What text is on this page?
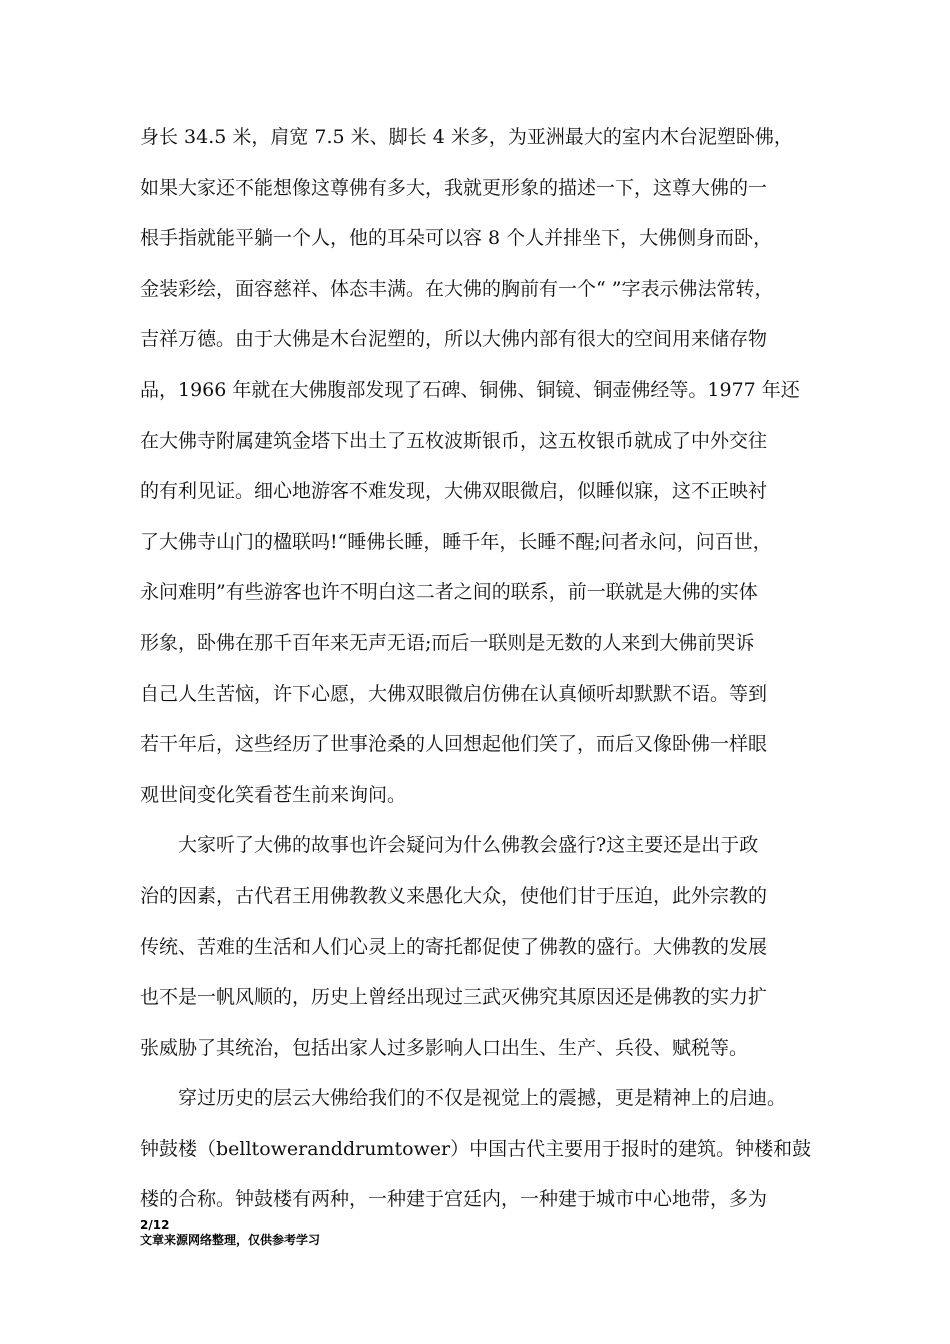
身长 34.5 米，肩宽 7.5 米、脚长 4 米多，为亚洲最大的室内木台泥塑卧佛，
如果大家还不能想像这尊佛有多大，我就更形象的描述一下，这尊大佛的一
根手指就能平躺一个人，他的耳朵可以容 8 个人并排坐下，大佛侧身而卧，
金装彩绘，面容慈祥、体态丰满。在大佛的胸前有一个“ ”字表示佛法常转，
吉祥万德。由于大佛是木台泥塑的，所以大佛内部有很大的空间用来储存物
品，1966 年就在大佛腹部发现了石碑、铜佛、铜镜、铜壶佛经等。1977 年还
在大佛寺附属建筑金塔下出土了五枚波斯银币，这五枚银币就成了中外交往
的有利见证。细心地游客不难发现，大佛双眼微启，似睡似寐，这不正映衬
了大佛寺山门的楹联吗!“睡佛长睡，睡千年，长睡不醒;问者永问，问百世，
永问难明”有些游客也许不明白这二者之间的联系，前一联就是大佛的实体
形象，卧佛在那千百年来无声无语;而后一联则是无数的人来到大佛前哭诉
自己人生苦恼，许下心愿，大佛双眼微启仿佛在认真倾听却默默不语。等到
若干年后，这些经历了世事沧桑的人回想起他们笑了，而后又像卧佛一样眼
观世间变化笑看苍生前来询问。
　　大家听了大佛的故事也许会疑问为什么佛教会盛行?这主要还是出于政
治的因素，古代君王用佛教教义来愚化大众，使他们甘于压迫，此外宗教的
传统、苦难的生活和人们心灵上的寄托都促使了佛教的盛行。大佛教的发展
也不是一帆风顺的，历史上曾经出现过三武灭佛究其原因还是佛教的实力扩
张威胁了其统治，包括出家人过多影响人口出生、生产、兵役、赋税等。
　　穿过历史的层云大佛给我们的不仅是视觉上的震撼，更是精神上的启迪。
钟鼓楼（belltoweranddrumtower）中国古代主要用于报时的建筑。钟楼和鼓
楼的合称。钟鼓楼有两种，一种建于宫廷内，一种建于城市中心地带，多为
2/12
文章来源网络整理，仅供参考学习
